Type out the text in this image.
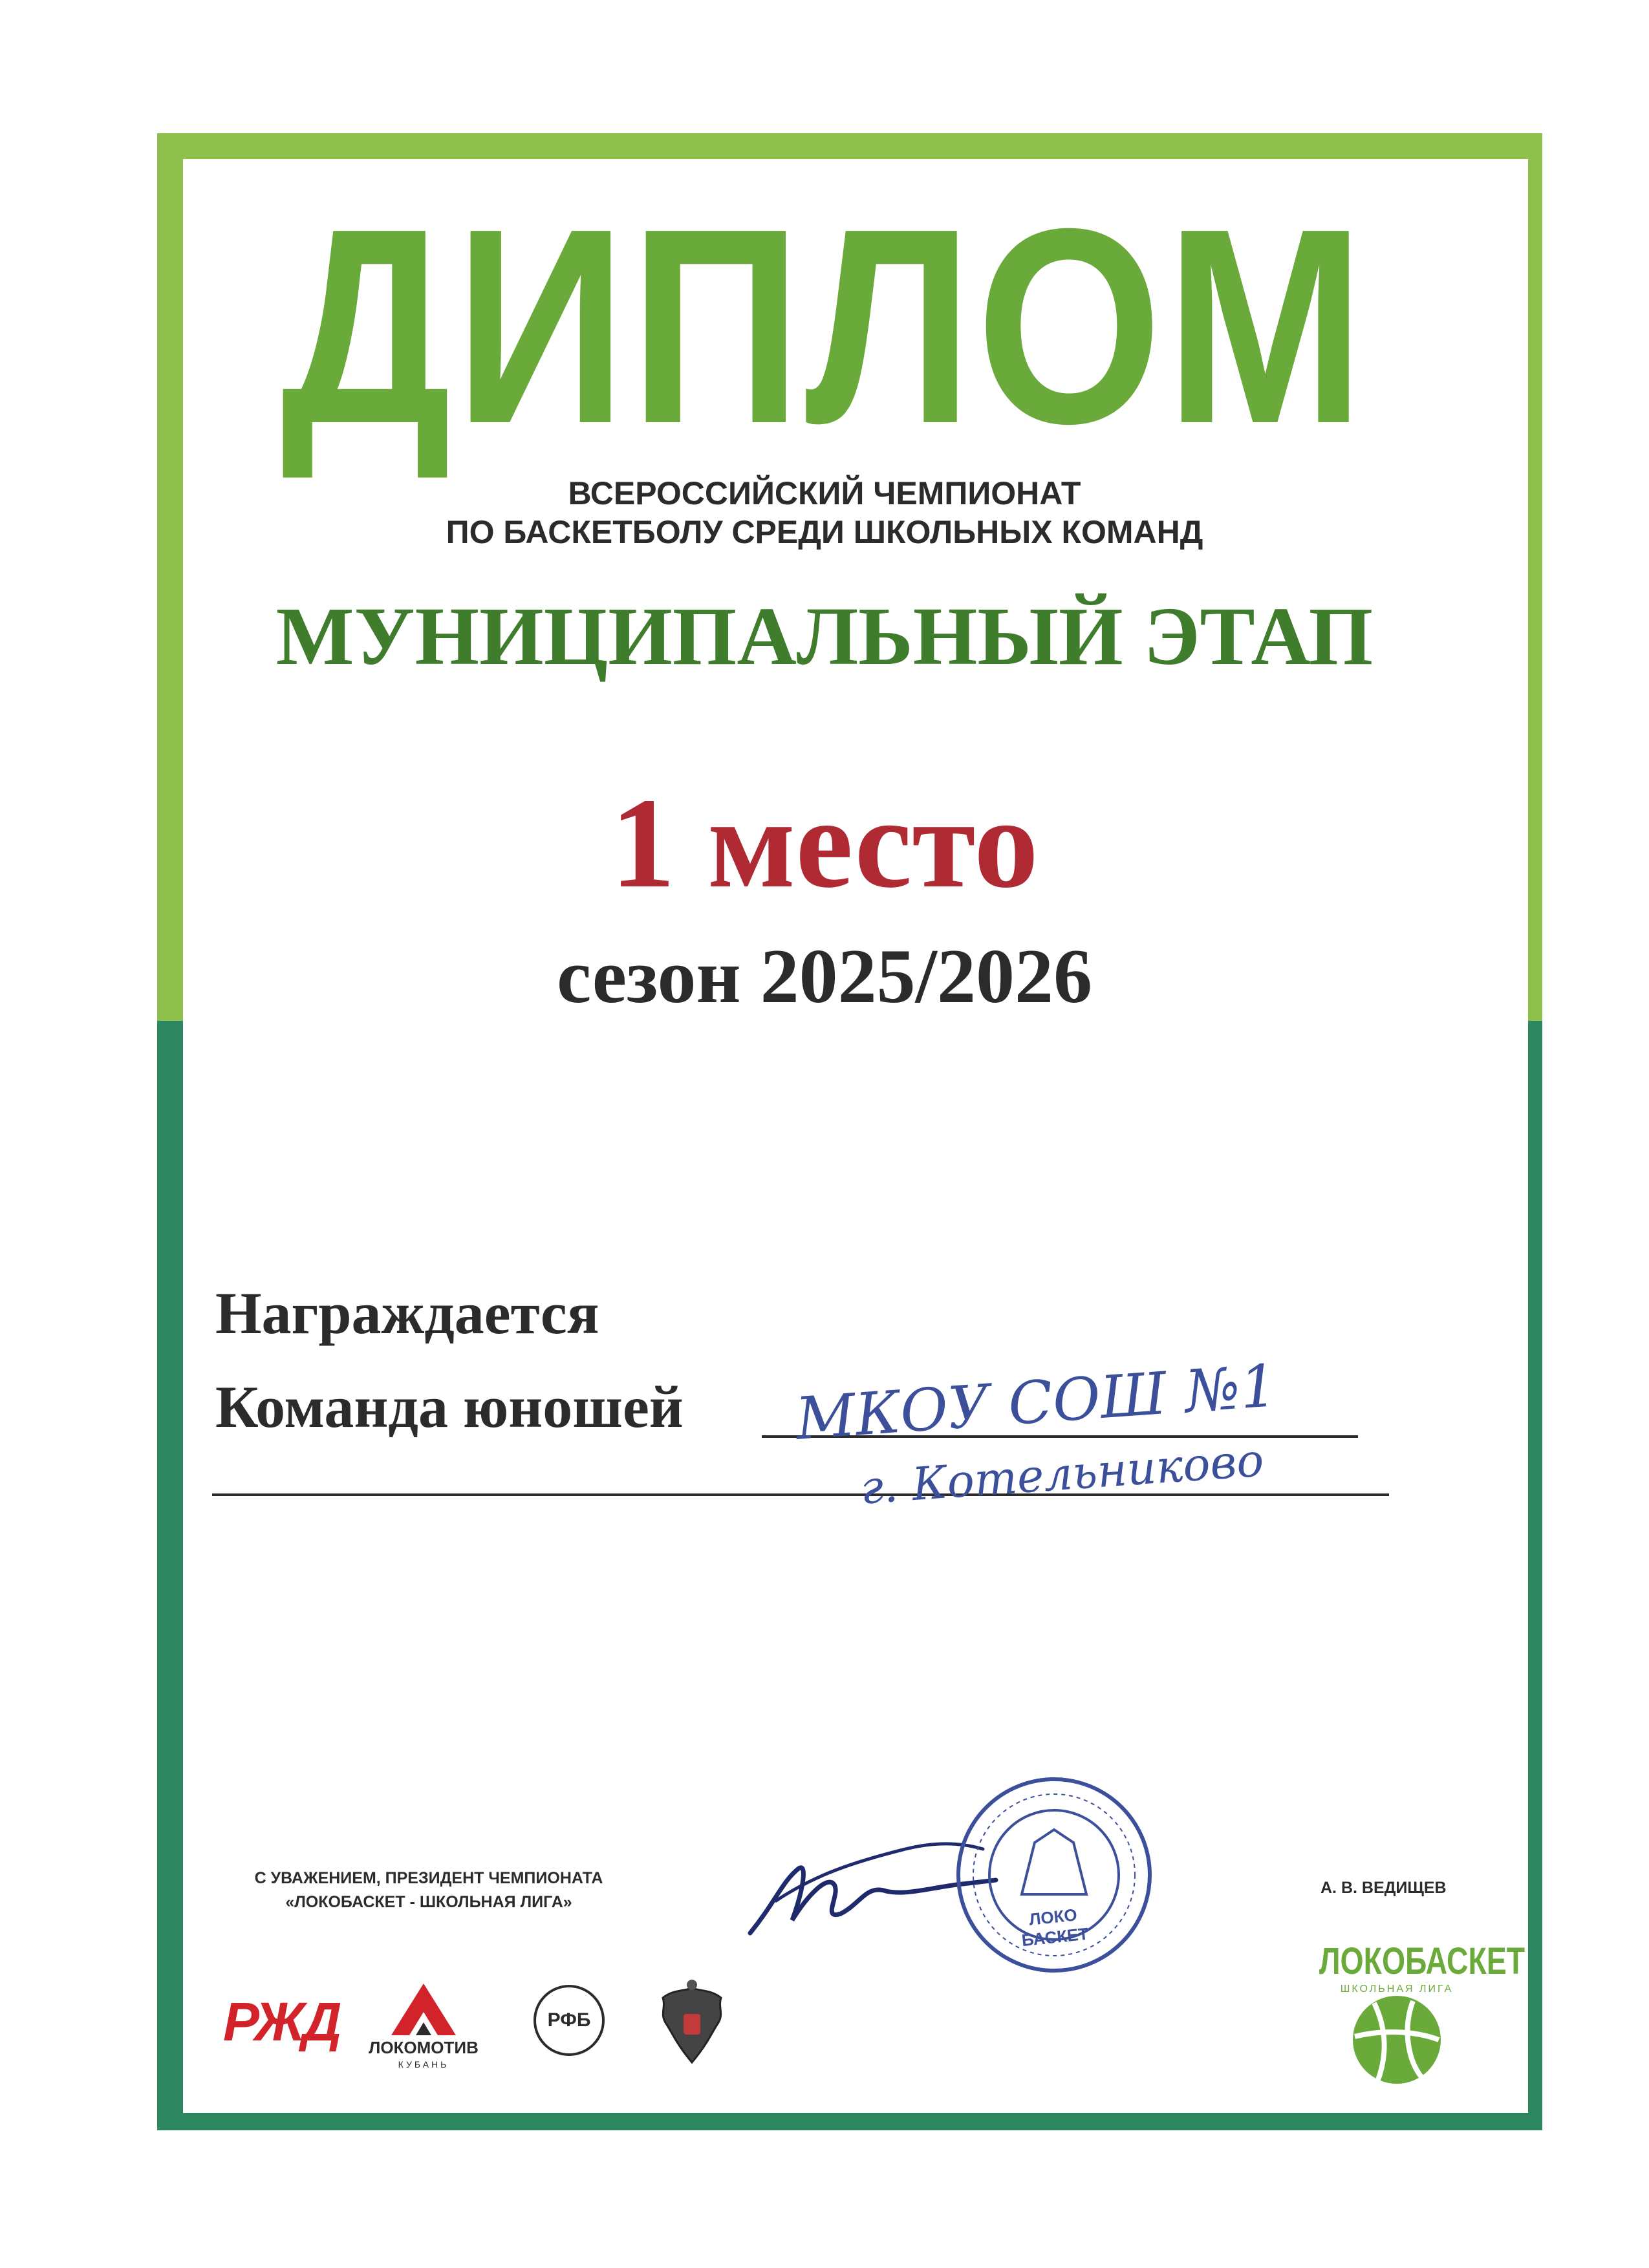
ДИПЛОМ
ВСЕРОССИЙСКИЙ ЧЕМПИОНАТ
ПО БАСКЕТБОЛУ СРЕДИ ШКОЛЬНЫХ КОМАНД
МУНИЦИПАЛЬНЫЙ ЭТАП
1 место
сезон 2025/2026
Награждается
Команда юношей МКОУ СОШ №1
г. Котельниково
С УВАЖЕНИЕМ, ПРЕЗИДЕНТ ЧЕМПИОНАТА
«ЛОКОБАСКЕТ - ШКОЛЬНАЯ ЛИГА»
ЛОКО БАСКЕТ
А. В. ВЕДИЩЕВ
РЖД	ЛОКОМОТИВ
КУБАНЬ
РФБ
ЛОКОБАСКЕТ
ШКОЛЬНАЯ ЛИГА
